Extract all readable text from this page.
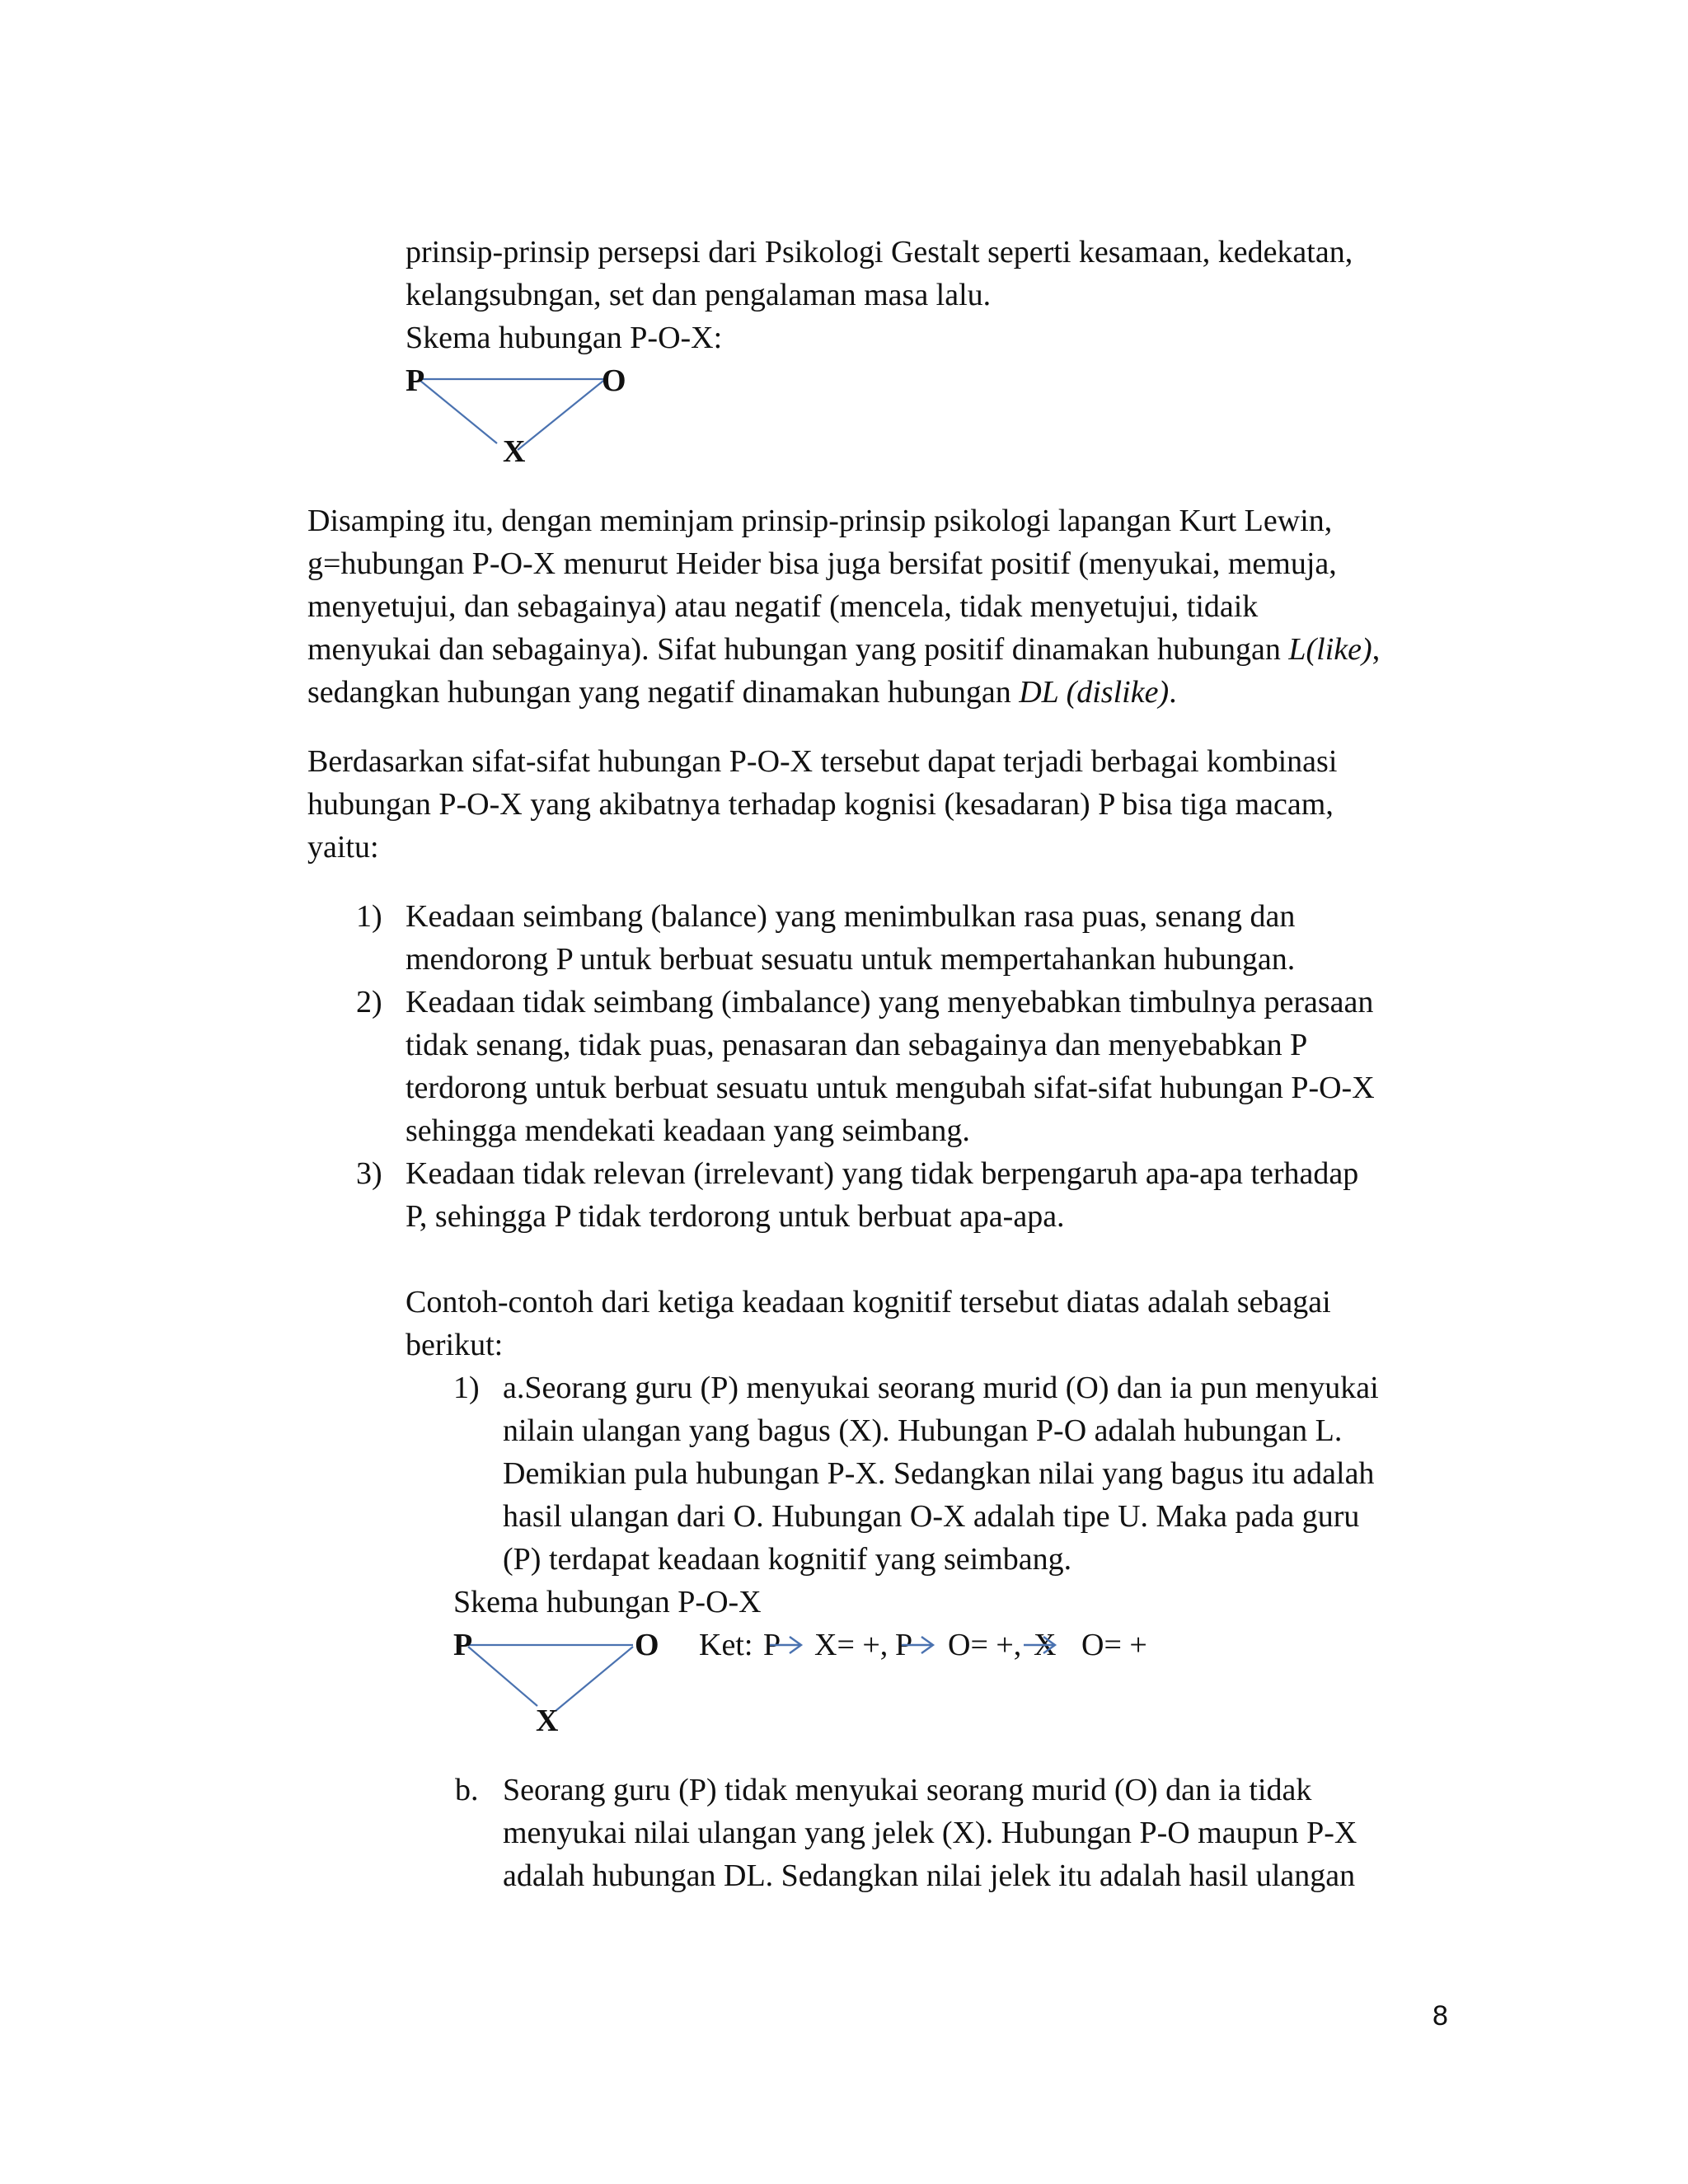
prinsip-prinsip persepsi dari Psikologi Gestalt seperti kesamaan, kedekatan,
kelangsubngan, set dan pengalaman masa lalu.
Skema hubungan P-O-X:
P	O
X
Disamping itu, dengan meminjam prinsip-prinsip psikologi lapangan Kurt Lewin,
g=hubungan P-O-X menurut Heider bisa juga bersifat positif (menyukai, memuja,
menyetujui, dan sebagainya) atau negatif (mencela, tidak menyetujui, tidaik
menyukai dan sebagainya). Sifat hubungan yang positif dinamakan hubungan L(like),
sedangkan hubungan yang negatif dinamakan hubungan DL (dislike).
Berdasarkan sifat-sifat hubungan P-O-X tersebut dapat terjadi berbagai kombinasi
hubungan P-O-X yang akibatnya terhadap kognisi (kesadaran) P bisa tiga macam,
yaitu:
1) Keadaan seimbang (balance) yang menimbulkan rasa puas, senang dan
mendorong P untuk berbuat sesuatu untuk mempertahankan hubungan.
2) Keadaan tidak seimbang (imbalance) yang menyebabkan timbulnya perasaan
tidak senang, tidak puas, penasaran dan sebagainya dan menyebabkan P
terdorong untuk berbuat sesuatu untuk mengubah sifat-sifat hubungan P-O-X
sehingga mendekati keadaan yang seimbang.
3) Keadaan tidak relevan (irrelevant) yang tidak berpengaruh apa-apa terhadap
P, sehingga P tidak terdorong untuk berbuat apa-apa.
Contoh-contoh dari ketiga keadaan kognitif tersebut diatas adalah sebagai
berikut:
1) a.Seorang guru (P) menyukai seorang murid (O) dan ia pun menyukai
nilain ulangan yang bagus (X). Hubungan P-O adalah hubungan L.
Demikian pula hubungan P-X. Sedangkan nilai yang bagus itu adalah
hasil ulangan dari O. Hubungan O-X adalah tipe U. Maka pada guru
(P) terdapat keadaan kognitif yang seimbang.
Skema hubungan P-O-X
P	O
X
Ket: P X= +, P O= +, X O= +
b. Seorang guru (P) tidak menyukai seorang murid (O) dan ia tidak
menyukai nilai ulangan yang jelek (X). Hubungan P-O maupun P-X
adalah hubungan DL. Sedangkan nilai jelek itu adalah hasil ulangan
8
